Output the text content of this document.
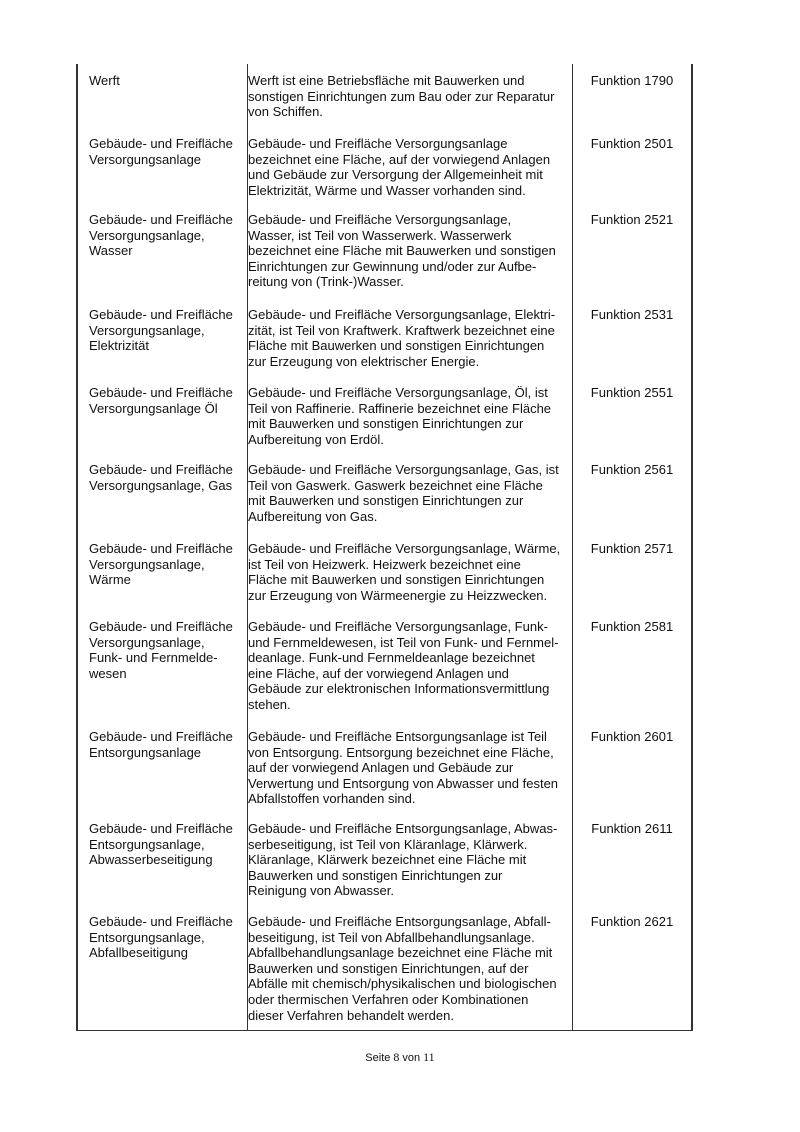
Werft	Werft ist eine Betriebsfläche mit Bauwerken und
sonstigen Einrichtungen zum Bau oder zur Reparatur
von Schiffen.
Funktion 1790
Gebäude- und Freifläche
Versorgungsanlage
Gebäude- und Freifläche Versorgungsanlage
bezeichnet eine Fläche, auf der vorwiegend Anlagen
und Gebäude zur Versorgung der Allgemeinheit mit
Elektrizität, Wärme und Wasser vorhanden sind.
Funktion 2501
Gebäude- und Freifläche
Versorgungsanlage,
Wasser
Gebäude- und Freifläche Versorgungsanlage,
Wasser, ist Teil von Wasserwerk. Wasserwerk
bezeichnet eine Fläche mit Bauwerken und sonstigen
Einrichtungen zur Gewinnung und/oder zur Aufbe-
reitung von (Trink-)Wasser.
Funktion 2521
Gebäude- und Freifläche
Versorgungsanlage,
Elektrizität
Gebäude- und Freifläche Versorgungsanlage, Elektri-
zität, ist Teil von Kraftwerk. Kraftwerk bezeichnet eine
Fläche mit Bauwerken und sonstigen Einrichtungen
zur Erzeugung von elektrischer Energie.
Funktion 2531
Gebäude- und Freifläche
Versorgungsanlage Öl
Gebäude- und Freifläche Versorgungsanlage, Öl, ist
Teil von Raffinerie. Raffinerie bezeichnet eine Fläche
mit Bauwerken und sonstigen Einrichtungen zur
Aufbereitung von Erdöl.
Funktion 2551
Gebäude- und Freifläche
Versorgungsanlage, Gas
Gebäude- und Freifläche Versorgungsanlage, Gas, ist
Teil von Gaswerk. Gaswerk bezeichnet eine Fläche
mit Bauwerken und sonstigen Einrichtungen zur
Aufbereitung von Gas.
Funktion 2561
Gebäude- und Freifläche
Versorgungsanlage,
Wärme
Gebäude- und Freifläche Versorgungsanlage, Wärme,
ist Teil von Heizwerk. Heizwerk bezeichnet eine
Fläche mit Bauwerken und sonstigen Einrichtungen
zur Erzeugung von Wärmeenergie zu Heizzwecken.
Funktion 2571
Gebäude- und Freifläche
Versorgungsanlage,
Funk- und Fernmelde-
wesen
Gebäude- und Freifläche Versorgungsanlage, Funk-
und Fernmeldewesen, ist Teil von Funk- und Fernmel-
deanlage. Funk-und Fernmeldeanlage bezeichnet
eine Fläche, auf der vorwiegend Anlagen und
Gebäude zur elektronischen Informationsvermittlung
stehen.
Funktion 2581
Gebäude- und Freifläche
Entsorgungsanlage
Gebäude- und Freifläche Entsorgungsanlage ist Teil
von Entsorgung. Entsorgung bezeichnet eine Fläche,
auf der vorwiegend Anlagen und Gebäude zur
Verwertung und Entsorgung von Abwasser und festen
Abfallstoffen vorhanden sind.
Funktion 2601
Gebäude- und Freifläche
Entsorgungsanlage,
Abwasserbeseitigung
Gebäude- und Freifläche Entsorgungsanlage, Abwas-
serbeseitigung, ist Teil von Kläranlage, Klärwerk.
Kläranlage, Klärwerk bezeichnet eine Fläche mit
Bauwerken und sonstigen Einrichtungen zur
Reinigung von Abwasser.
Funktion 2611
Gebäude- und Freifläche
Entsorgungsanlage,
Abfallbeseitigung
Gebäude- und Freifläche Entsorgungsanlage, Abfall-
beseitigung, ist Teil von Abfallbehandlungsanlage.
Abfallbehandlungsanlage bezeichnet eine Fläche mit
Bauwerken und sonstigen Einrichtungen, auf der
Abfälle mit chemisch/physikalischen und biologischen
oder thermischen Verfahren oder Kombinationen
dieser Verfahren behandelt werden.
Funktion 2621
Seite 8 von 11
